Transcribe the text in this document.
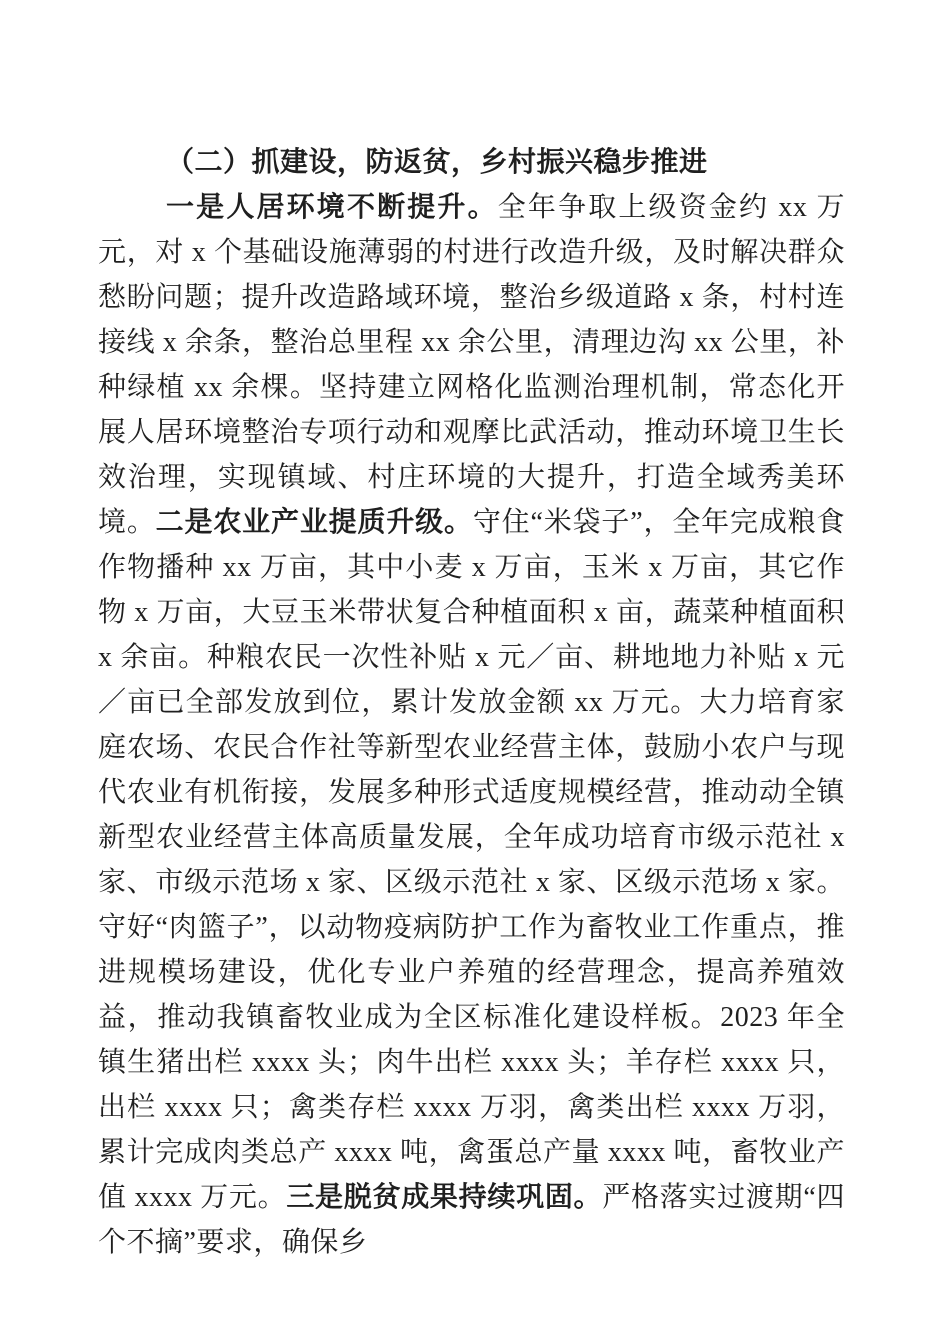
（二）抓建设，防返贫，乡村振兴稳步推进

一是人居环境不断提升。全年争取上级资金约 xx 万元，对 x 个基础设施薄弱的村进行改造升级，及时解决群众愁盼问题；提升改造路域环境，整治乡级道路 x 条，村村连接线 x 余条，整治总里程 xx 余公里，清理边沟 xx 公里，补种绿植 xx 余棵。坚持建立网格化监测治理机制，常态化开展人居环境整治专项行动和观摩比武活动，推动环境卫生长效治理，实现镇域、村庄环境的大提升，打造全域秀美环境。二是农业产业提质升级。守住“米袋子”，全年完成粮食作物播种 xx 万亩，其中小麦 x 万亩，玉米 x 万亩，其它作物 x 万亩，大豆玉米带状复合种植面积 x 亩，蔬菜种植面积 x 余亩。种粮农民一次性补贴 x 元／亩、耕地地力补贴 x 元／亩已全部发放到位，累计发放金额 xx 万元。大力培育家庭农场、农民合作社等新型农业经营主体，鼓励小农户与现代农业有机衔接，发展多种形式适度规模经营，推动动全镇新型农业经营主体高质量发展，全年成功培育市级示范社 x 家、市级示范场 x 家、区级示范社 x 家、区级示范场 x 家。守好“肉篮子”，以动物疫病防护工作为畜牧业工作重点，推进规模场建设，优化专业户养殖的经营理念，提高养殖效益，推动我镇畜牧业成为全区标准化建设样板。2023 年全镇生猪出栏 xxxx 头；肉牛出栏 xxxx 头；羊存栏 xxxx 只，出栏 xxxx 只；禽类存栏 xxxx 万羽，禽类出栏 xxxx 万羽，累计完成肉类总产 xxxx 吨，禽蛋总产量 xxxx 吨，畜牧业产值 xxxx 万元。三是脱贫成果持续巩固。严格落实过渡期“四个不摘”要求，确保乡
